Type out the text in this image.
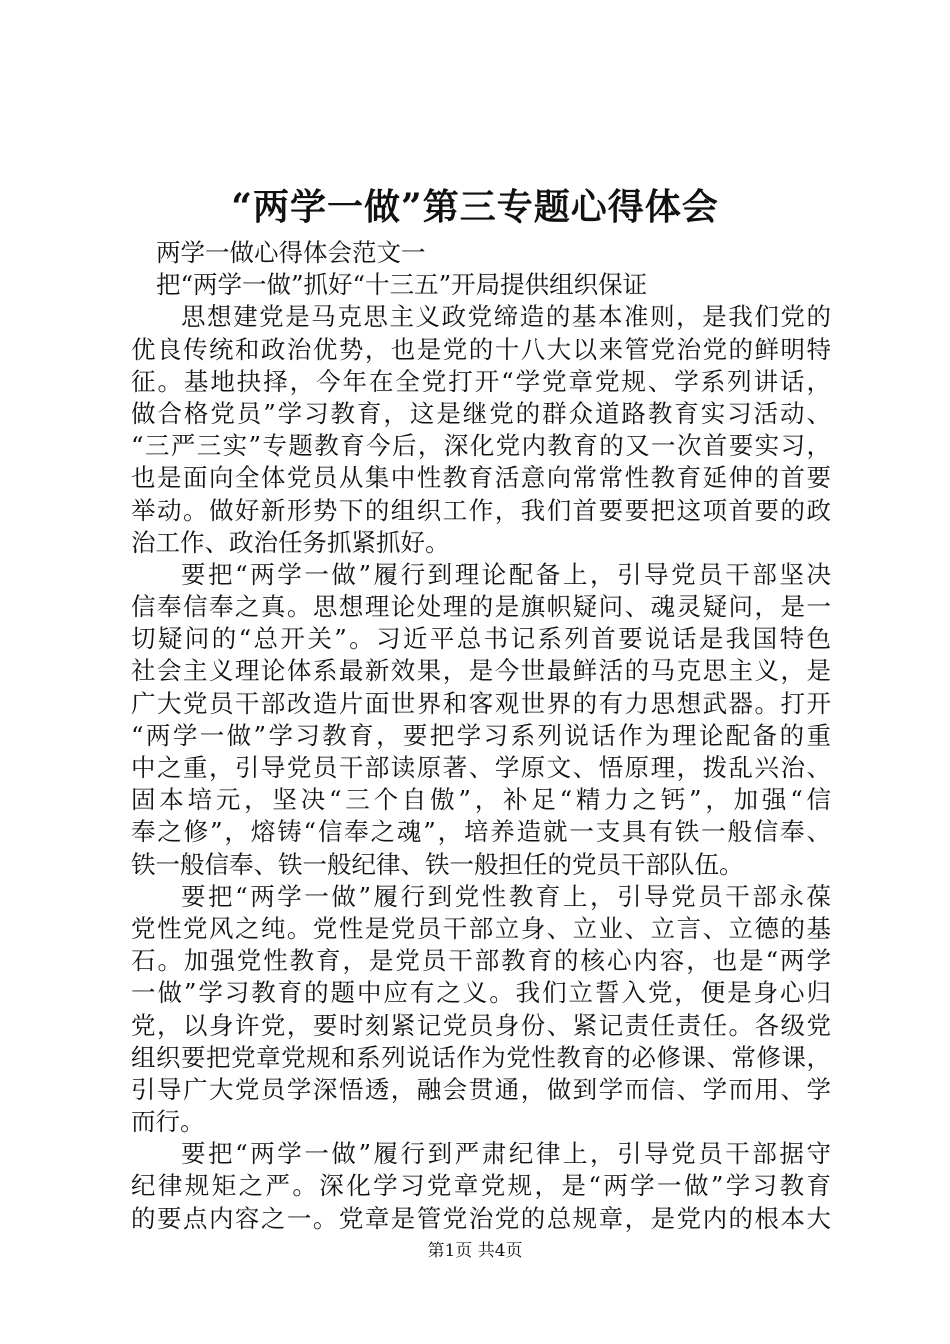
“两学一做”第三专题心得体会
两学一做心得体会范文一
把“两学一做”抓好“十三五”开局提供组织保证
思想建党是马克思主义政党缔造的基本准则，是我们党的
优良传统和政治优势，也是党的十八大以来管党治党的鲜明特
征。基地抉择，今年在全党打开“学党章党规、学系列讲话，
做合格党员”学习教育，这是继党的群众道路教育实习活动、
“三严三实”专题教育今后，深化党内教育的又一次首要实习，
也是面向全体党员从集中性教育活意向常常性教育延伸的首要
举动。做好新形势下的组织工作，我们首要要把这项首要的政
治工作、政治任务抓紧抓好。
要把“两学一做”履行到理论配备上，引导党员干部坚决
信奉信奉之真。思想理论处理的是旗帜疑问、魂灵疑问，是一
切疑问的“总开关”。习近平总书记系列首要说话是我国特色
社会主义理论体系最新效果，是今世最鲜活的马克思主义，是
广大党员干部改造片面世界和客观世界的有力思想武器。打开
“两学一做”学习教育，要把学习系列说话作为理论配备的重
中之重，引导党员干部读原著、学原文、悟原理，拨乱兴治、
固本培元，坚决“三个自傲”，补足“精力之钙”，加强“信
奉之修”，熔铸“信奉之魂”，培养造就一支具有铁一般信奉、
铁一般信奉、铁一般纪律、铁一般担任的党员干部队伍。
要把“两学一做”履行到党性教育上，引导党员干部永葆
党性党风之纯。党性是党员干部立身、立业、立言、立德的基
石。加强党性教育，是党员干部教育的核心内容，也是“两学
一做”学习教育的题中应有之义。我们立誓入党，便是身心归
党，以身许党，要时刻紧记党员身份、紧记责任责任。各级党
组织要把党章党规和系列说话作为党性教育的必修课、常修课，
引导广大党员学深悟透，融会贯通，做到学而信、学而用、学
而行。
要把“两学一做”履行到严肃纪律上，引导党员干部据守
纪律规矩之严。深化学习党章党规，是“两学一做”学习教育
的要点内容之一。党章是管党治党的总规章，是党内的根本大
第1页 共4页
